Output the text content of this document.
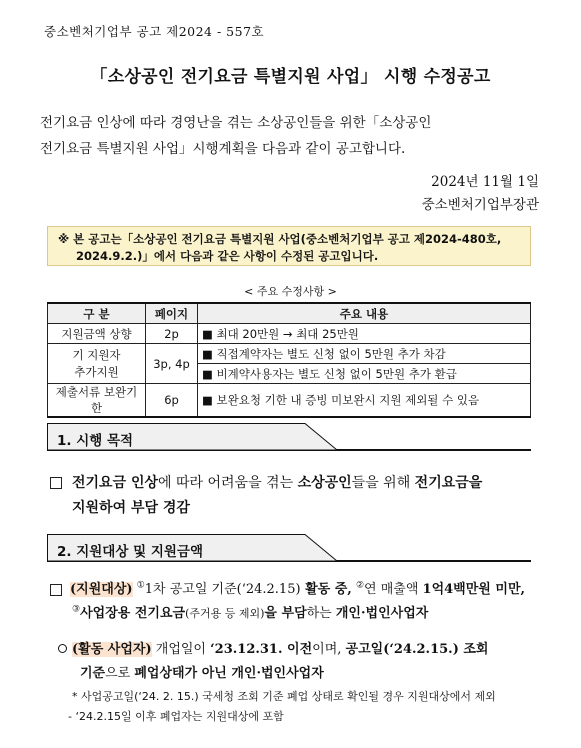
중소벤처기업부 공고 제2024 - 557호
「소상공인 전기요금 특별지원 사업」 시행 수정공고

전기요금 인상에 따라 경영난을 겪는 소상공인들을 위한「소상공인

전기요금 특별지원 사업」시행계획을 다음과 같이 공고합니다.

2024년 11월 1일
중소벤처기업부장관
※ 본 공고는「소상공인 전기요금 특별지원 사업(중소벤처기업부 공고 제2024-480호,
2024.9.2.)」에서 다음과 같은 사항이 수정된 공고입니다.
< 주요 수정사항 >
구 분	페이지	주요 내용
지원금액 상향	2p	■ 최대 20만원 → 최대 25만원

기 지원자
추가지원	3p, 4p	■ 직접계약자는 별도 신청 없이 5만원 추가 차감
		■ 비계약사용자는 별도 신청 없이 5만원 추가 환급
제출서류 보완기한	6p	■ 보완요청 기한 내 증빙 미보완시 지원 제외될 수 있음
1. 시행 목적
전기요금 인상에 따라 어려움을 겪는 소상공인들을 위해 전기요금을
지원하여 부담 경감
2. 지원대상 및 지원금액
(지원대상) ①1차 공고일 기준(‘24.2.15) 활동 중, ②연 매출액 1억4백만원 미만,
③사업장용 전기요금(주거용 등 제외)을 부담하는 개인·법인사업자
(활동 사업자) 개업일이 ‘23.12.31. 이전이며, 공고일(‘24.2.15.) 조회
기준으로 폐업상태가 아닌 개인·법인사업자
* 사업공고일(‘24. 2. 15.) 국세청 조회 기준 폐업 상태로 확인될 경우 지원대상에서 제외
- ‘24.2.15일 이후 폐업자는 지원대상에 포함
